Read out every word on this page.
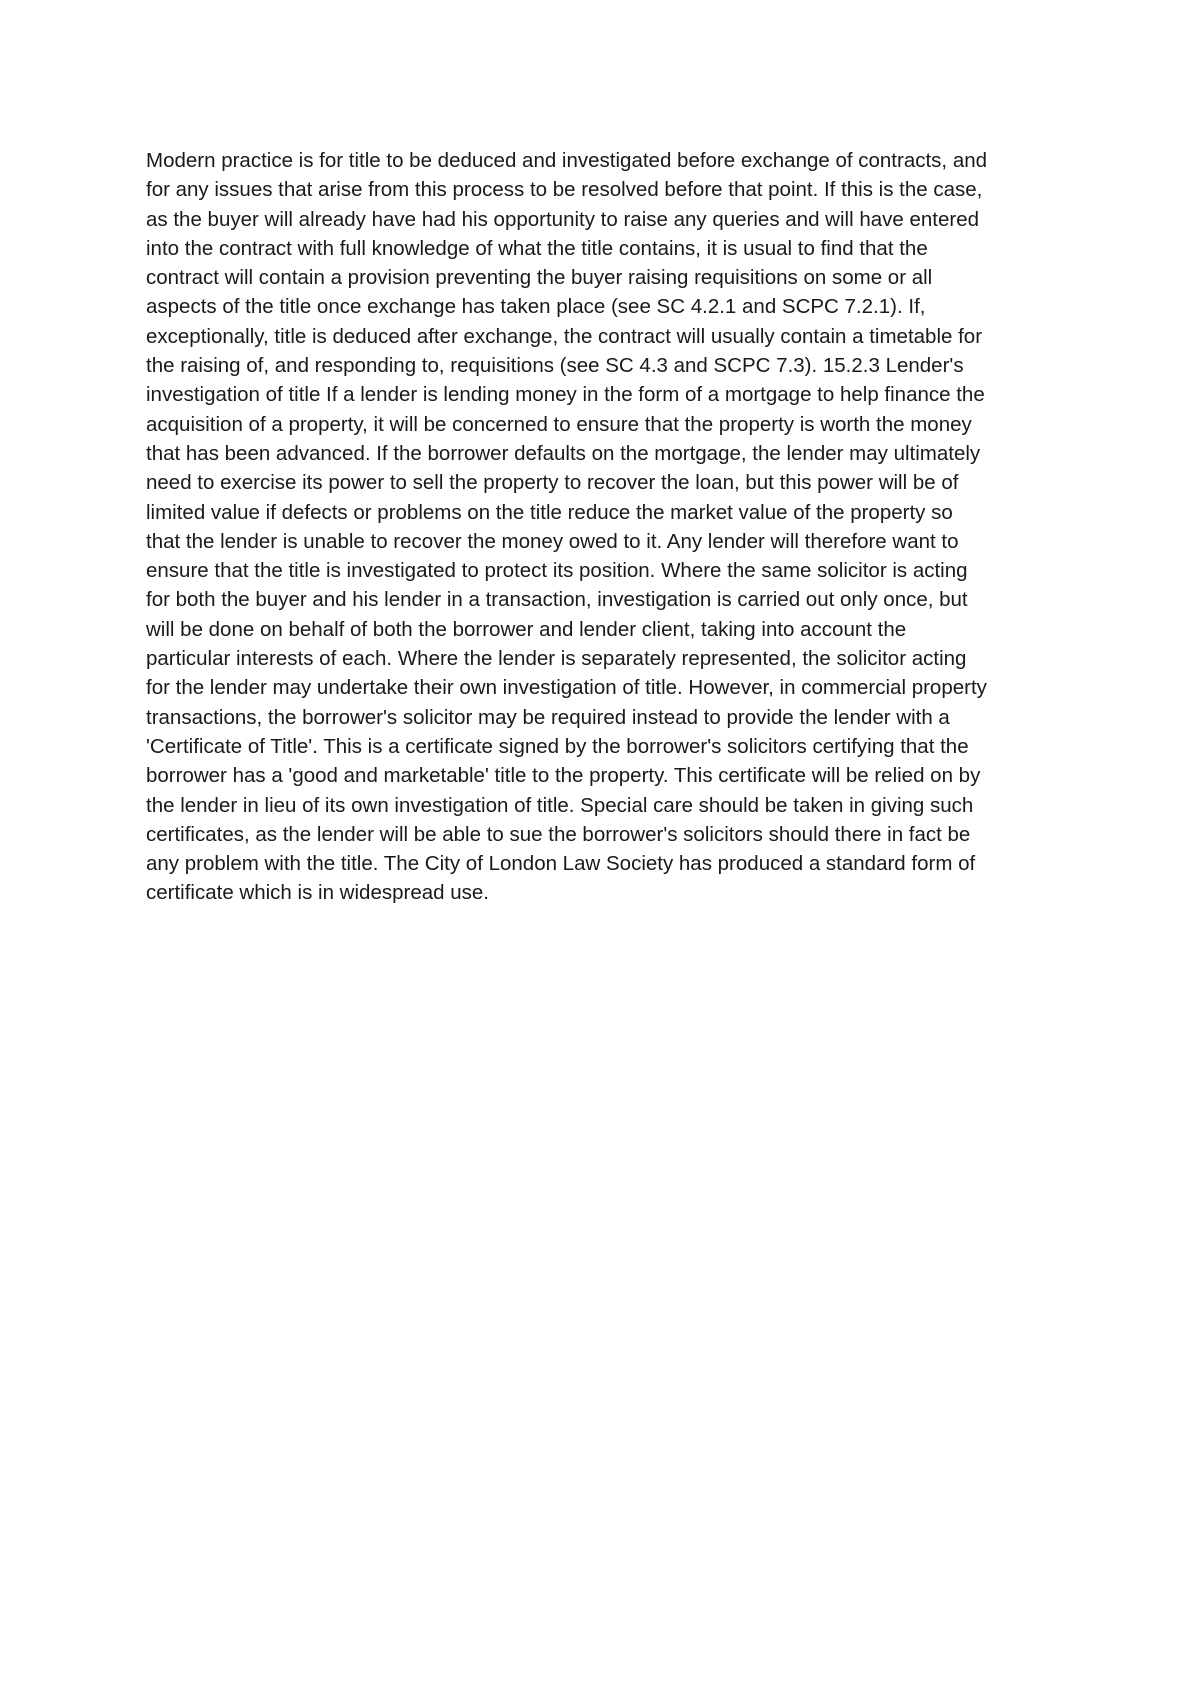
Modern practice is for title to be deduced and investigated before exchange of contracts, and
for any issues that arise from this process to be resolved before that point. If this is the case,
as the buyer will already have had his opportunity to raise any queries and will have entered
into the contract with full knowledge of what the title contains, it is usual to find that the
contract will contain a provision preventing the buyer raising requisitions on some or all
aspects of the title once exchange has taken place (see SC 4.2.1 and SCPC 7.2.1). If,
exceptionally, title is deduced after exchange, the contract will usually contain a timetable for
the raising of, and responding to, requisitions (see SC 4.3 and SCPC 7.3). 15.2.3 Lender's
investigation of title If a lender is lending money in the form of a mortgage to help finance the
acquisition of a property, it will be concerned to ensure that the property is worth the money
that has been advanced. If the borrower defaults on the mortgage, the lender may ultimately
need to exercise its power to sell the property to recover the loan, but this power will be of
limited value if defects or problems on the title reduce the market value of the property so
that the lender is unable to recover the money owed to it. Any lender will therefore want to
ensure that the title is investigated to protect its position. Where the same solicitor is acting
for both the buyer and his lender in a transaction, investigation is carried out only once, but
will be done on behalf of both the borrower and lender client, taking into account the
particular interests of each. Where the lender is separately represented, the solicitor acting
for the lender may undertake their own investigation of title. However, in commercial property
transactions, the borrower's solicitor may be required instead to provide the lender with a
'Certificate of Title'. This is a certificate signed by the borrower's solicitors certifying that the
borrower has a 'good and marketable' title to the property. This certificate will be relied on by
the lender in lieu of its own investigation of title. Special care should be taken in giving such
certificates, as the lender will be able to sue the borrower's solicitors should there in fact be
any problem with the title. The City of London Law Society has produced a standard form of
certificate which is in widespread use.
